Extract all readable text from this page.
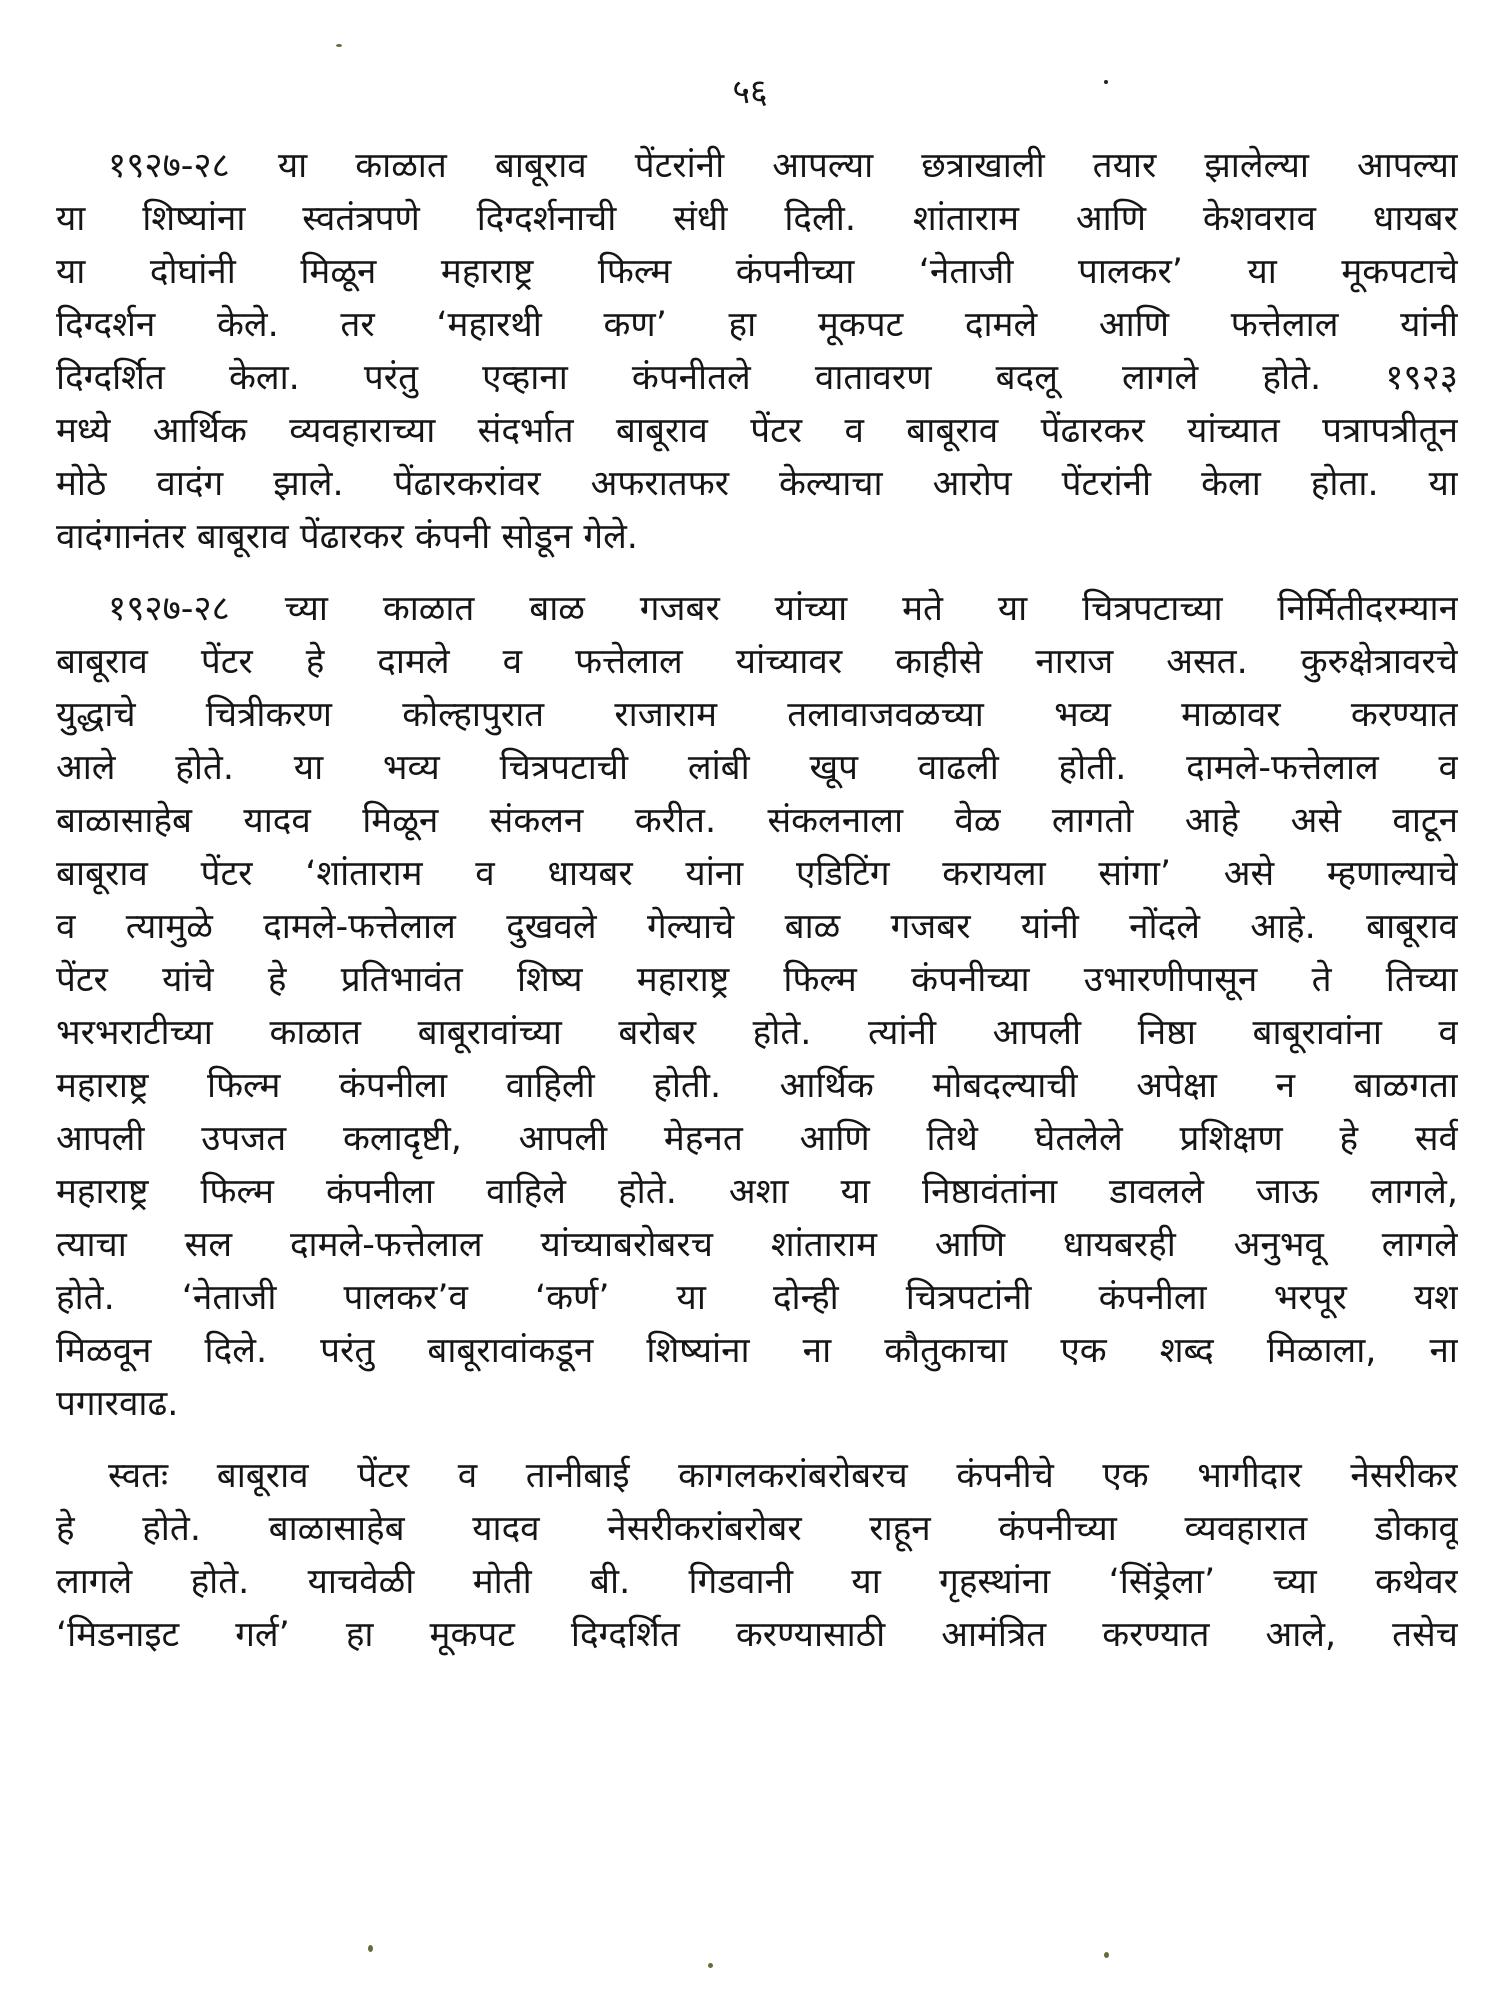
५६
१९२७-२८ या काळात बाबूराव पेंटरांनी आपल्या छत्राखाली तयार झालेल्या आपल्या
या शिष्यांना स्वतंत्रपणे दिग्दर्शनाची संधी दिली. शांताराम आणि केशवराव धायबर
या दोघांनी मिळून महाराष्ट्र फिल्म कंपनीच्या ‘नेताजी पालकर’ या मूकपटाचे
दिग्दर्शन केले. तर ‘महारथी कण’ हा मूकपट दामले आणि फत्तेलाल यांनी
दिग्दर्शित केला. परंतु एव्हाना कंपनीतले वातावरण बदलू लागले होते. १९२३
मध्ये आर्थिक व्यवहाराच्या संदर्भात बाबूराव पेंटर व बाबूराव पेंढारकर यांच्यात पत्रापत्रीतून
मोठे वादंग झाले. पेंढारकरांवर अफरातफर केल्याचा आरोप पेंटरांनी केला होता. या
वादंगानंतर बाबूराव पेंढारकर कंपनी सोडून गेले.
१९२७-२८ च्या काळात बाळ गजबर यांच्या मते या चित्रपटाच्या निर्मितीदरम्यान
बाबूराव पेंटर हे दामले व फत्तेलाल यांच्यावर काहीसे नाराज असत. कुरुक्षेत्रावरचे
युद्धाचे चित्रीकरण कोल्हापुरात राजाराम तलावाजवळच्या भव्य माळावर करण्यात
आले होते. या भव्य चित्रपटाची लांबी खूप वाढली होती. दामले-फत्तेलाल व
बाळासाहेब यादव मिळून संकलन करीत. संकलनाला वेळ लागतो आहे असे वाटून
बाबूराव पेंटर ‘शांताराम व धायबर यांना एडिटिंग करायला सांगा’ असे म्हणाल्याचे
व त्यामुळे दामले-फत्तेलाल दुखवले गेल्याचे बाळ गजबर यांनी नोंदले आहे. बाबूराव
पेंटर यांचे हे प्रतिभावंत शिष्य महाराष्ट्र फिल्म कंपनीच्या उभारणीपासून ते तिच्या
भरभराटीच्या काळात बाबूरावांच्या बरोबर होते. त्यांनी आपली निष्ठा बाबूरावांना व
महाराष्ट्र फिल्म कंपनीला वाहिली होती. आर्थिक मोबदल्याची अपेक्षा न बाळगता
आपली उपजत कलादृष्टी, आपली मेहनत आणि तिथे घेतलेले प्रशिक्षण हे सर्व
महाराष्ट्र फिल्म कंपनीला वाहिले होते. अशा या निष्ठावंतांना डावलले जाऊ लागले,
त्याचा सल दामले-फत्तेलाल यांच्याबरोबरच शांताराम आणि धायबरही अनुभवू लागले
होते. ‘नेताजी पालकर’व ‘कर्ण’ या दोन्ही चित्रपटांनी कंपनीला भरपूर यश
मिळवून दिले. परंतु बाबूरावांकडून शिष्यांना ना कौतुकाचा एक शब्द मिळाला, ना
पगारवाढ.
स्वतः बाबूराव पेंटर व तानीबाई कागलकरांबरोबरच कंपनीचे एक भागीदार नेसरीकर
हे होते. बाळासाहेब यादव नेसरीकरांबरोबर राहून कंपनीच्या व्यवहारात डोकावू
लागले होते. याचवेळी मोती बी. गिडवानी या गृहस्थांना ‘सिंड्रेला’ च्या कथेवर
‘मिडनाइट गर्ल’ हा मूकपट दिग्दर्शित करण्यासाठी आमंत्रित करण्यात आले, तसेच
